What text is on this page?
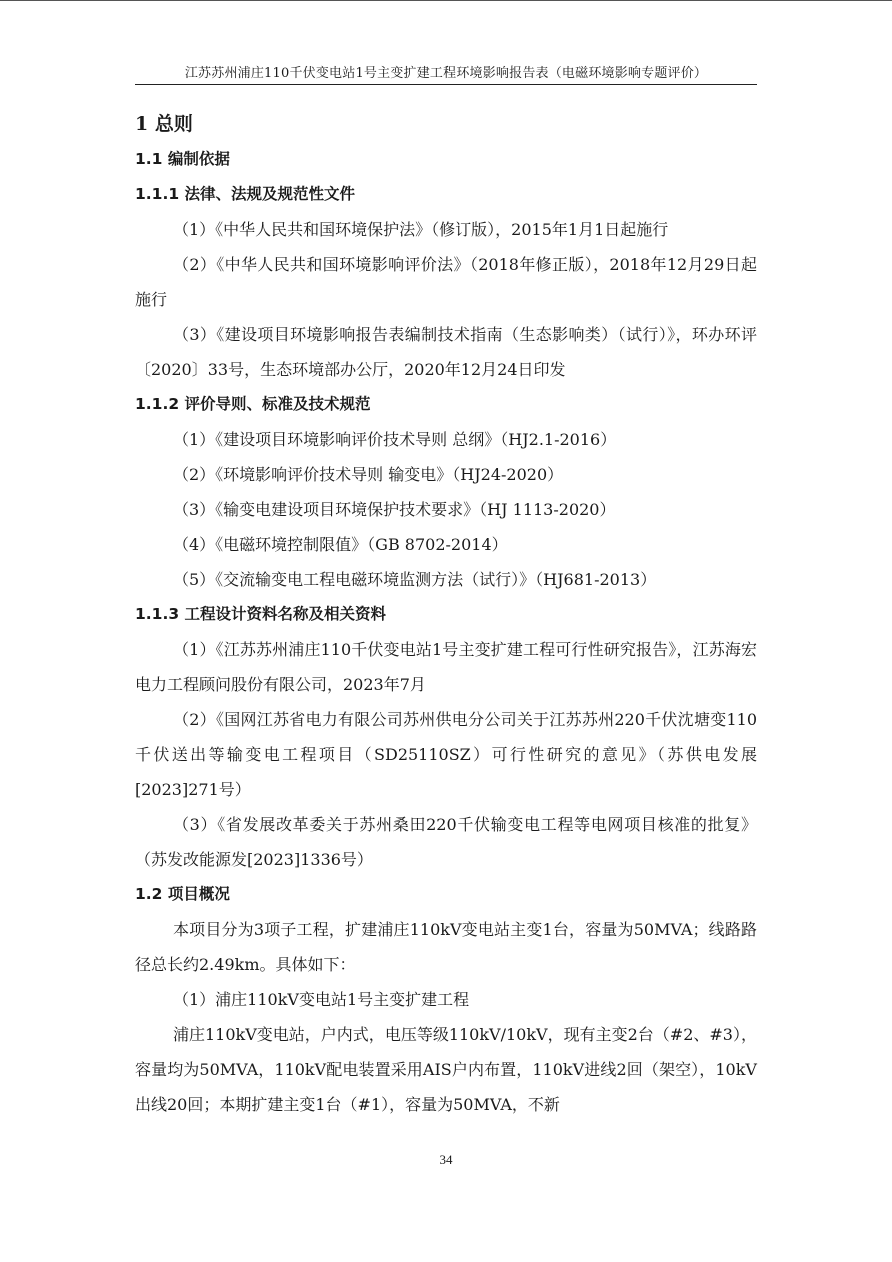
江苏苏州浦庄110千伏变电站1号主变扩建工程环境影响报告表（电磁环境影响专题评价）
1 总则
1.1 编制依据
1.1.1 法律、法规及规范性文件
（1）《中华人民共和国环境保护法》（修订版），2015年1月1日起施行
（2）《中华人民共和国环境影响评价法》（2018年修正版），2018年12月29日起施行
（3）《建设项目环境影响报告表编制技术指南（生态影响类）（试行）》，环办环评〔2020〕33号，生态环境部办公厅，2020年12月24日印发
1.1.2 评价导则、标准及技术规范
（1）《建设项目环境影响评价技术导则 总纲》（HJ2.1-2016）
（2）《环境影响评价技术导则 输变电》（HJ24-2020）
（3）《输变电建设项目环境保护技术要求》（HJ 1113-2020）
（4）《电磁环境控制限值》（GB 8702-2014）
（5）《交流输变电工程电磁环境监测方法（试行）》（HJ681-2013）
1.1.3 工程设计资料名称及相关资料
（1）《江苏苏州浦庄110千伏变电站1号主变扩建工程可行性研究报告》，江苏海宏电力工程顾问股份有限公司，2023年7月
（2）《国网江苏省电力有限公司苏州供电分公司关于江苏苏州220千伏沈塘变110千伏送出等输变电工程项目（SD25110SZ）可行性研究的意见》（苏供电发展[2023]271号）
（3）《省发展改革委关于苏州桑田220千伏输变电工程等电网项目核准的批复》（苏发改能源发[2023]1336号）
1.2 项目概况
本项目分为3项子工程，扩建浦庄110kV变电站主变1台，容量为50MVA；线路路径总长约2.49km。具体如下：
（1）浦庄110kV变电站1号主变扩建工程
浦庄110kV变电站，户内式，电压等级110kV/10kV，现有主变2台（#2、#3），容量均为50MVA，110kV配电装置采用AIS户内布置，110kV进线2回（架空），10kV出线20回；本期扩建主变1台（#1），容量为50MVA，不新
34
